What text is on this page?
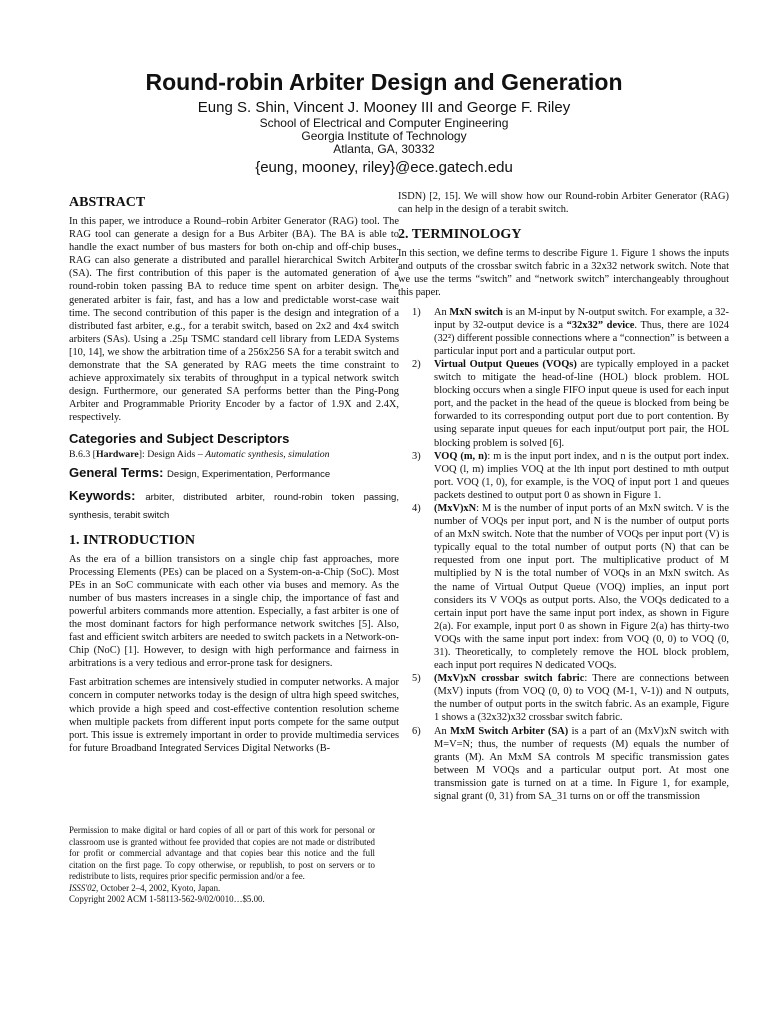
Round-robin Arbiter Design and Generation
Eung S. Shin, Vincent J. Mooney III and George F. Riley
School of Electrical and Computer Engineering
Georgia Institute of Technology
Atlanta, GA, 30332
{eung, mooney, riley}@ece.gatech.edu
ABSTRACT

In this paper, we introduce a Round–robin Arbiter Generator (RAG) tool. The RAG tool can generate a design for a Bus Arbiter (BA). The BA is able to handle the exact number of bus masters for both on-chip and off-chip buses. RAG can also generate a distributed and parallel hierarchical Switch Arbiter (SA). The first contribution of this paper is the automated generation of a round-robin token passing BA to reduce time spent on arbiter design. The generated arbiter is fair, fast, and has a low and predictable worst-case wait time. The second contribution of this paper is the design and integration of a distributed fast arbiter, e.g., for a terabit switch, based on 2x2 and 4x4 switch arbiters (SAs). Using a .25μ TSMC standard cell library from LEDA Systems [10, 14], we show the arbitration time of a 256x256 SA for a terabit switch and demonstrate that the SA generated by RAG meets the time constraint to achieve approximately six terabits of throughput in a typical network switch design. Furthermore, our generated SA performs better than the Ping-Pong Arbiter and Programmable Priority Encoder by a factor of 1.9X and 2.4X, respectively.

Categories and Subject Descriptors
B.6.3 [Hardware]: Design Aids – Automatic synthesis, simulation
General Terms: Design, Experimentation, Performance
Keywords: arbiter, distributed arbiter, round-robin token passing, synthesis, terabit switch
1. INTRODUCTION

As the era of a billion transistors on a single chip fast approaches, more Processing Elements (PEs) can be placed on a System-on-a-Chip (SoC). Most PEs in an SoC communicate with each other via buses and memory. As the number of bus masters increases in a single chip, the importance of fast and powerful arbiters commands more attention. Especially, a fast arbiter is one of the most dominant factors for high performance network switches [5]. Also, fast and efficient switch arbiters are needed to switch packets in a Network-on-Chip (NoC) [1]. However, to design with high performance and fairness in arbitrations is a very tedious and error-prone task for designers.

Fast arbitration schemes are intensively studied in computer networks. A major concern in computer networks today is the design of ultra high speed switches, which provide a high speed and cost-effective contention resolution scheme when multiple packets from different input ports compete for the same output port. This issue is extremely important in order to provide multimedia services for future Broadband Integrated Services Digital Networks (B-

Permission to make digital or hard copies of all or part of this work for personal or classroom use is granted without fee provided that copies are not made or distributed for profit or commercial advantage and that copies bear this notice and the full citation on the first page. To copy otherwise, or republish, to post on servers or to redistribute to lists, requires prior specific permission and/or a fee.

ISSS'02, October 2–4, 2002, Kyoto, Japan.

Copyright 2002 ACM 1-58113-562-9/02/0010…$5.00.

ISDN) [2, 15]. We will show how our Round-robin Arbiter Generator (RAG) can help in the design of a terabit switch.

2. TERMINOLOGY

In this section, we define terms to describe Figure 1. Figure 1 shows the inputs and outputs of the crossbar switch fabric in a 32x32 network switch. Note that we use the terms “switch” and “network switch” interchangeably throughout this paper.

1) An MxN switch is an M-input by N-output switch. For example, a 32-input by 32-output device is a “32x32” device. Thus, there are 1024 (32²) different possible connections where a “connection” is between a particular input port and a particular output port.
2) Virtual Output Queues (VOQs) are typically employed in a packet switch to mitigate the head-of-line (HOL) block problem. HOL blocking occurs when a single FIFO input queue is used for each input port, and the packet in the head of the queue is blocked from being be forwarded to its corresponding output port due to port contention. By using separate input queues for each input/output port pair, the HOL blocking problem is solved [6].
3) VOQ (m, n): m is the input port index, and n is the output port index. VOQ (l, m) implies VOQ at the lth input port destined to mth output port. VOQ (1, 0), for example, is the VOQ of input port 1 and queues packets destined to output port 0 as shown in Figure 1.
4) (MxV)xN: M is the number of input ports of an MxN switch. V is the number of VOQs per input port, and N is the number of output ports of an MxN switch. Note that the number of VOQs per input port (V) is typically equal to the total number of output ports (N) that can be requested from one input port. The multiplicative product of M multiplied by N is the total number of VOQs in an MxN switch. As the name of Virtual Output Queue (VOQ) implies, an input port considers its V VOQs as output ports. Also, the VOQs dedicated to a certain input port have the same input port index, as shown in Figure 2(a). For example, input port 0 as shown in Figure 2(a) has thirty-two VOQs with the same input port index: from VOQ (0, 0) to VOQ (0, 31). Theoretically, to completely remove the HOL block problem, each input port requires N dedicated VOQs.
5) (MxV)xN crossbar switch fabric: There are connections between (MxV) inputs (from VOQ (0, 0) to VOQ (M-1, V-1)) and N outputs, the number of output ports in the switch fabric. As an example, Figure 1 shows a (32x32)x32 crossbar switch fabric.
6) An MxM Switch Arbiter (SA) is a part of an (MxV)xN switch with M=V=N; thus, the number of requests (M) equals the number of grants (M). An MxM SA controls M specific transmission gates between M VOQs and a particular output port. At most one transmission gate is turned on at a time. In Figure 1, for example, signal grant (0, 31) from SA_31 turns on or off the transmission
